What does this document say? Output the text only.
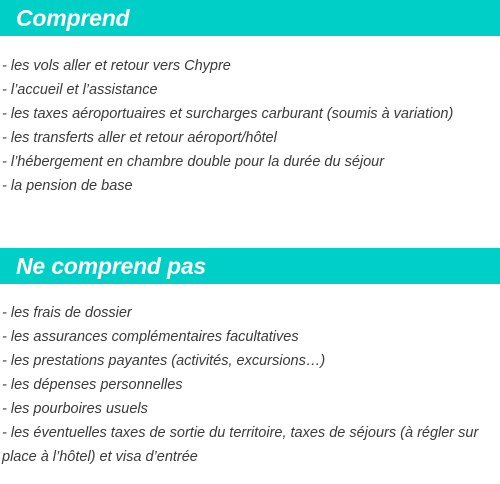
Comprend
- les vols aller et retour vers Chypre
- l’accueil et l’assistance
- les taxes aéroportuaires et surcharges carburant (soumis à variation)
- les transferts aller et retour aéroport/hôtel
- l’hébergement en chambre double pour la durée du séjour
- la pension de base
Ne comprend pas
- les frais de dossier
- les assurances complémentaires facultatives
- les prestations payantes (activités, excursions…)
- les dépenses personnelles
- les pourboires usuels
- les éventuelles taxes de sortie du territoire, taxes de séjours (à régler sur place à l’hôtel) et visa d’entrée
